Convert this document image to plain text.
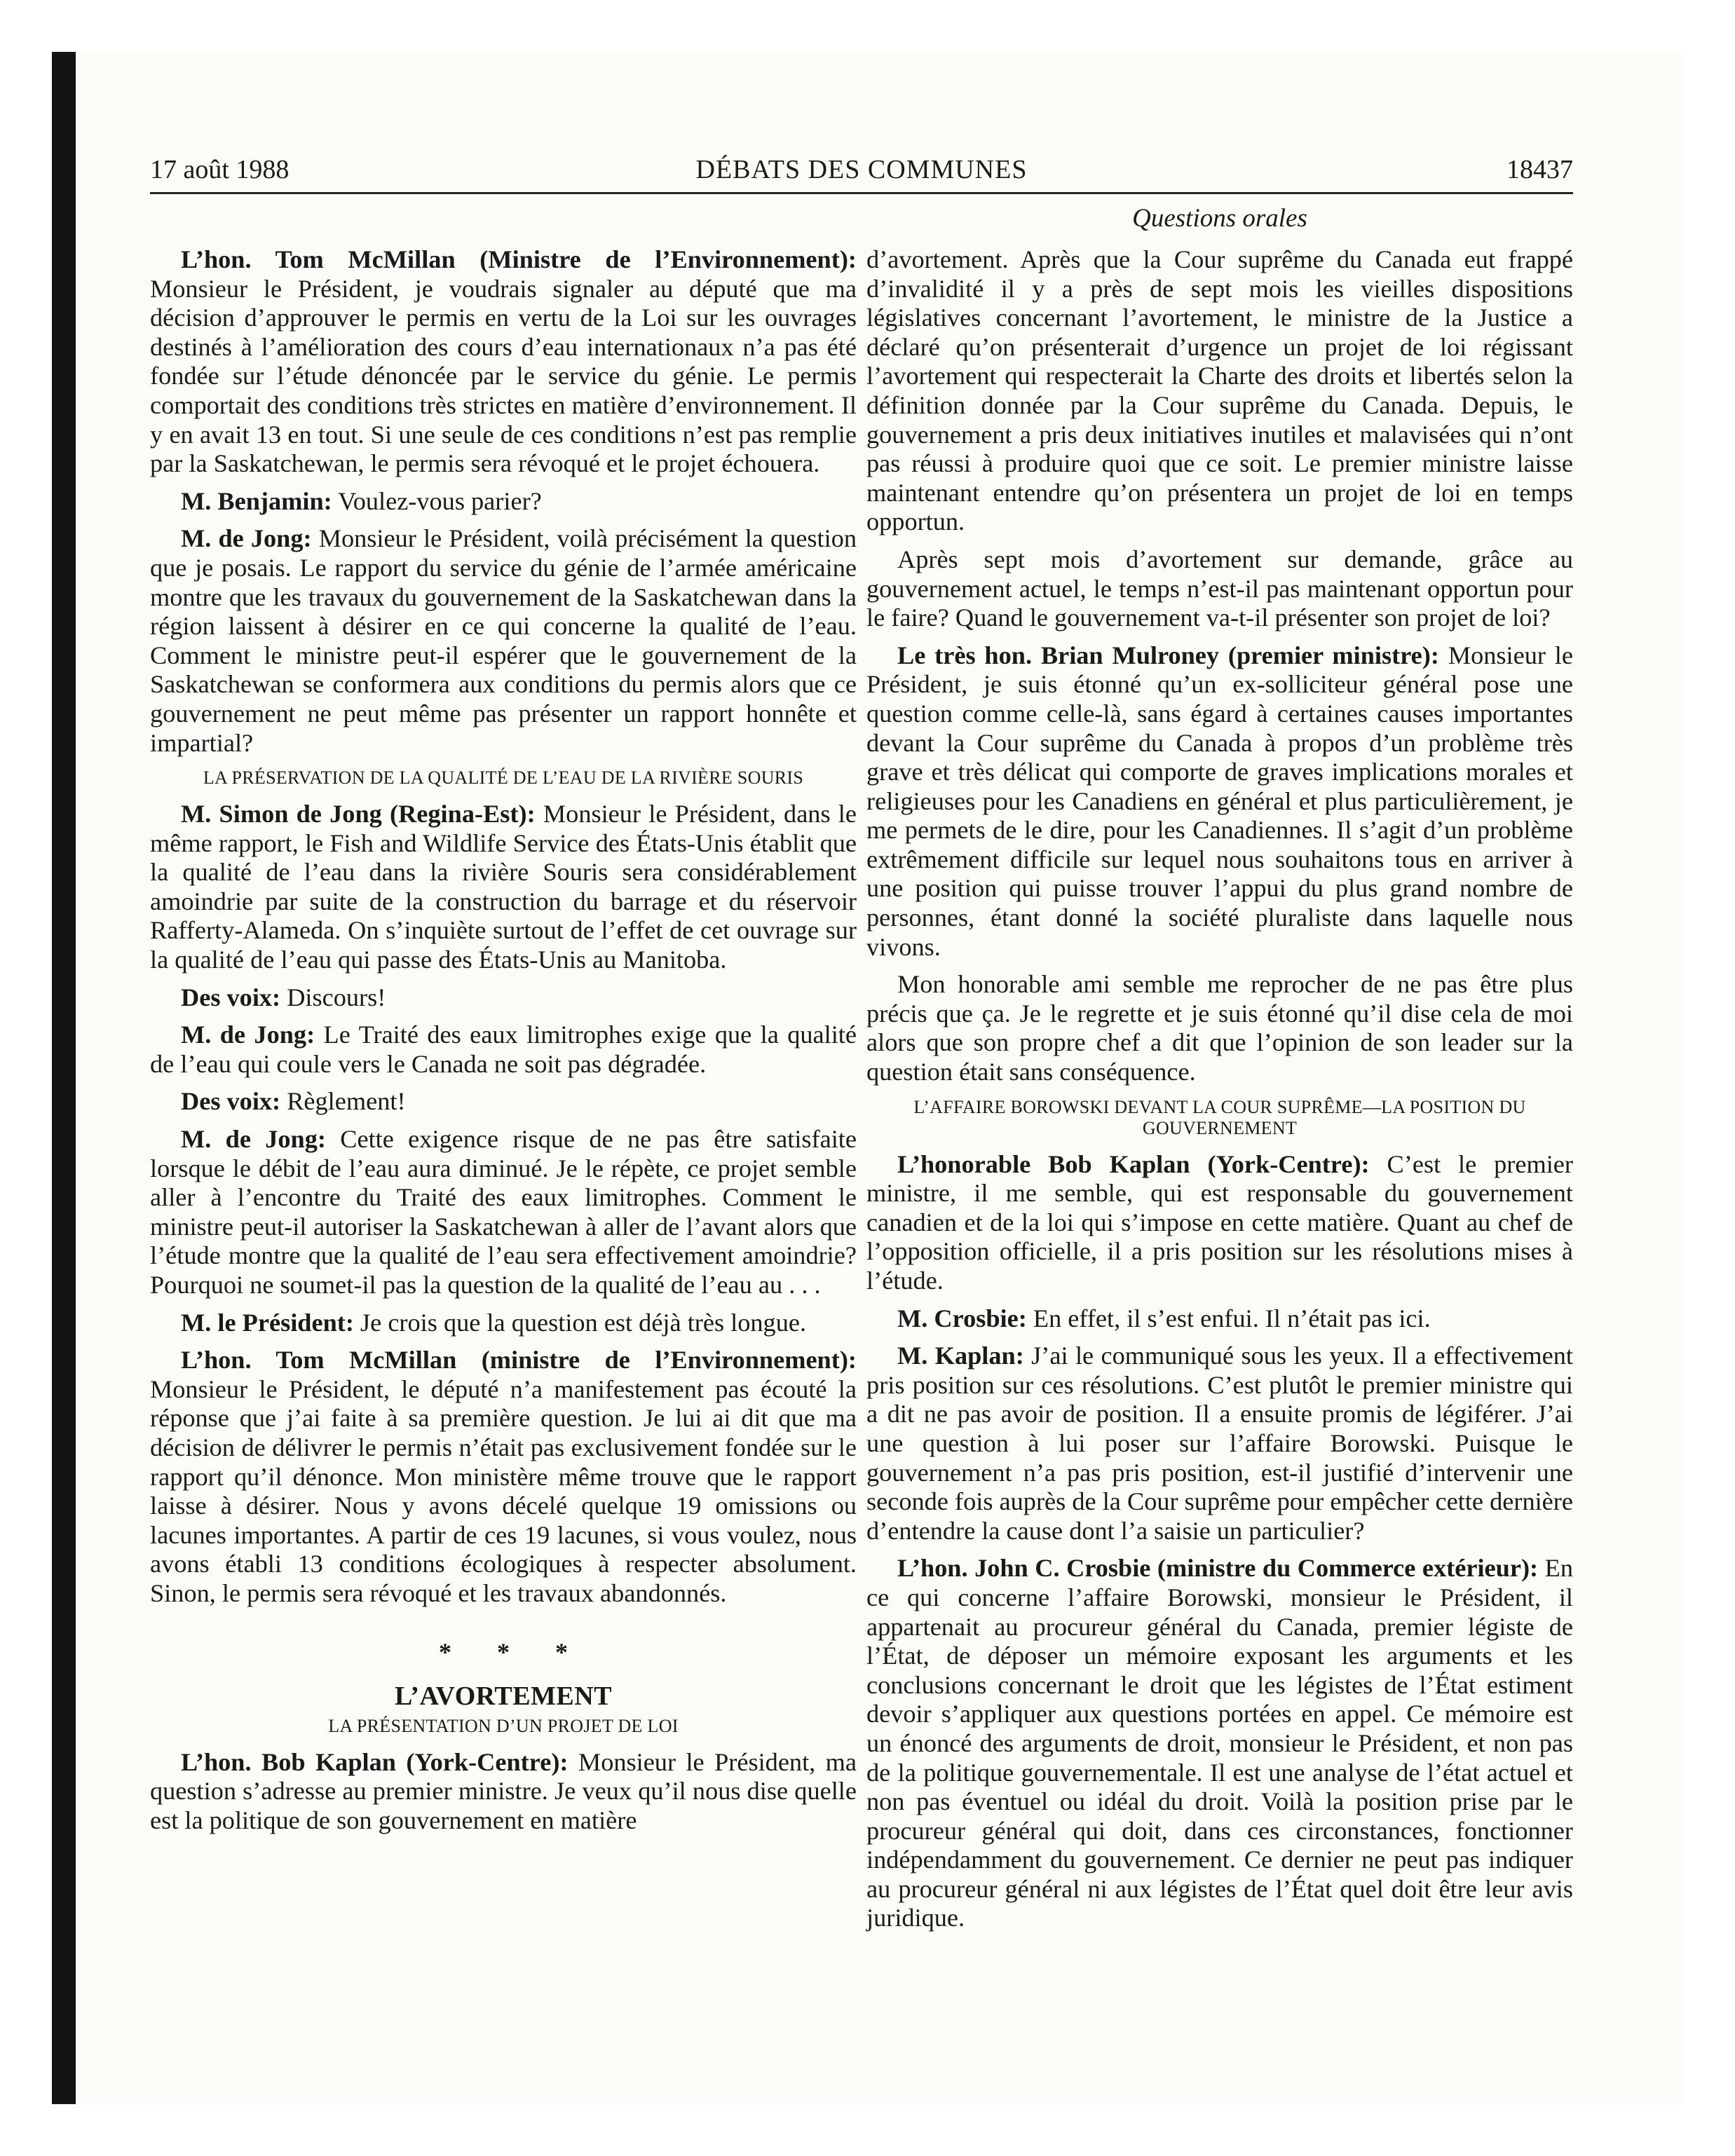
17 août 1988	DÉBATS DES COMMUNES	18437
Questions orales

L’hon. Tom McMillan (Ministre de l’Environnement): Monsieur le Président, je voudrais signaler au député que ma décision d’approuver le permis en vertu de la Loi sur les ouvrages destinés à l’amélioration des cours d’eau internationaux n’a pas été fondée sur l’étude dénoncée par le service du génie. Le permis comportait des conditions très strictes en matière d’environnement. Il y en avait 13 en tout. Si une seule de ces conditions n’est pas remplie par la Saskatchewan, le permis sera révoqué et le projet échouera.

M. Benjamin: Voulez-vous parier?

M. de Jong: Monsieur le Président, voilà précisément la question que je posais. Le rapport du service du génie de l’armée américaine montre que les travaux du gouvernement de la Saskatchewan dans la région laissent à désirer en ce qui concerne la qualité de l’eau. Comment le ministre peut-il espérer que le gouvernement de la Saskatchewan se conformera aux conditions du permis alors que ce gouvernement ne peut même pas présenter un rapport honnête et impartial?

LA PRÉSERVATION DE LA QUALITÉ DE L’EAU DE LA RIVIÈRE SOURIS

M. Simon de Jong (Regina-Est): Monsieur le Président, dans le même rapport, le Fish and Wildlife Service des États-Unis établit que la qualité de l’eau dans la rivière Souris sera considérablement amoindrie par suite de la construction du barrage et du réservoir Rafferty-Alameda. On s’inquiète surtout de l’effet de cet ouvrage sur la qualité de l’eau qui passe des États-Unis au Manitoba.

Des voix: Discours!

M. de Jong: Le Traité des eaux limitrophes exige que la qualité de l’eau qui coule vers le Canada ne soit pas dégradée.

Des voix: Règlement!

M. de Jong: Cette exigence risque de ne pas être satisfaite lorsque le débit de l’eau aura diminué. Je le répète, ce projet semble aller à l’encontre du Traité des eaux limitrophes. Comment le ministre peut-il autoriser la Saskatchewan à aller de l’avant alors que l’étude montre que la qualité de l’eau sera effectivement amoindrie? Pourquoi ne soumet-il pas la question de la qualité de l’eau au . . .

M. le Président: Je crois que la question est déjà très longue.

L’hon. Tom McMillan (ministre de l’Environnement): Monsieur le Président, le député n’a manifestement pas écouté la réponse que j’ai faite à sa première question. Je lui ai dit que ma décision de délivrer le permis n’était pas exclusivement fondée sur le rapport qu’il dénonce. Mon ministère même trouve que le rapport laisse à désirer. Nous y avons décelé quelque 19 omissions ou lacunes importantes. A partir de ces 19 lacunes, si vous voulez, nous avons établi 13 conditions écologiques à respecter absolument. Sinon, le permis sera révoqué et les travaux abandonnés.

* * *
L’AVORTEMENT
LA PRÉSENTATION D’UN PROJET DE LOI

L’hon. Bob Kaplan (York-Centre): Monsieur le Président, ma question s’adresse au premier ministre. Je veux qu’il nous dise quelle est la politique de son gouvernement en matière

d’avortement. Après que la Cour suprême du Canada eut frappé d’invalidité il y a près de sept mois les vieilles dispositions législatives concernant l’avortement, le ministre de la Justice a déclaré qu’on présenterait d’urgence un projet de loi régissant l’avortement qui respecterait la Charte des droits et libertés selon la définition donnée par la Cour suprême du Canada. Depuis, le gouvernement a pris deux initiatives inutiles et malavisées qui n’ont pas réussi à produire quoi que ce soit. Le premier ministre laisse maintenant entendre qu’on présentera un projet de loi en temps opportun.

Après sept mois d’avortement sur demande, grâce au gouvernement actuel, le temps n’est-il pas maintenant opportun pour le faire? Quand le gouvernement va-t-il présenter son projet de loi?

Le très hon. Brian Mulroney (premier ministre): Monsieur le Président, je suis étonné qu’un ex-solliciteur général pose une question comme celle-là, sans égard à certaines causes importantes devant la Cour suprême du Canada à propos d’un problème très grave et très délicat qui comporte de graves implications morales et religieuses pour les Canadiens en général et plus particulièrement, je me permets de le dire, pour les Canadiennes. Il s’agit d’un problème extrêmement difficile sur lequel nous souhaitons tous en arriver à une position qui puisse trouver l’appui du plus grand nombre de personnes, étant donné la société pluraliste dans laquelle nous vivons.

Mon honorable ami semble me reprocher de ne pas être plus précis que ça. Je le regrette et je suis étonné qu’il dise cela de moi alors que son propre chef a dit que l’opinion de son leader sur la question était sans conséquence.

L’AFFAIRE BOROWSKI DEVANT LA COUR SUPRÊME—LA POSITION DU GOUVERNEMENT

L’honorable Bob Kaplan (York-Centre): C’est le premier ministre, il me semble, qui est responsable du gouvernement canadien et de la loi qui s’impose en cette matière. Quant au chef de l’opposition officielle, il a pris position sur les résolutions mises à l’étude.

M. Crosbie: En effet, il s’est enfui. Il n’était pas ici.

M. Kaplan: J’ai le communiqué sous les yeux. Il a effectivement pris position sur ces résolutions. C’est plutôt le premier ministre qui a dit ne pas avoir de position. Il a ensuite promis de légiférer. J’ai une question à lui poser sur l’affaire Borowski. Puisque le gouvernement n’a pas pris position, est-il justifié d’intervenir une seconde fois auprès de la Cour suprême pour empêcher cette dernière d’entendre la cause dont l’a saisie un particulier?

L’hon. John C. Crosbie (ministre du Commerce extérieur): En ce qui concerne l’affaire Borowski, monsieur le Président, il appartenait au procureur général du Canada, premier légiste de l’État, de déposer un mémoire exposant les arguments et les conclusions concernant le droit que les légistes de l’État estiment devoir s’appliquer aux questions portées en appel. Ce mémoire est un énoncé des arguments de droit, monsieur le Président, et non pas de la politique gouvernementale. Il est une analyse de l’état actuel et non pas éventuel ou idéal du droit. Voilà la position prise par le procureur général qui doit, dans ces circonstances, fonctionner indépendamment du gouvernement. Ce dernier ne peut pas indiquer au procureur général ni aux légistes de l’État quel doit être leur avis juridique.
